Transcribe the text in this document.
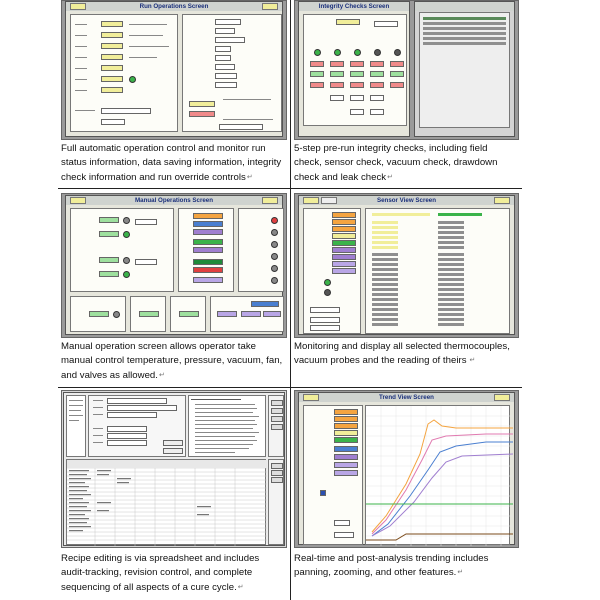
Run Operations Screen
Full automatic operation control and monitor run
status information, data saving information, integrity
check information and run override controls↵
Integrity Checks Screen
5-step pre-run integrity checks, including field
check, sensor check, vacuum check, drawdown
check and leak check↵
Manual Operations Screen
Manual operation screen allows operator take
manual control temperature, pressure, vacuum, fan,
and valves as allowed.↵
Sensor View Screen
Monitoring and display all selected thermocouples,
vacuum probes and the reading of theirs ↵
Recipe editing is via spreadsheet and includes
audit-tracking, revision control, and complete
sequencing of all aspects of a cure cycle.↵
Trend View Screen
Real-time and post-analysis trending includes
panning, zooming, and other features.↵
